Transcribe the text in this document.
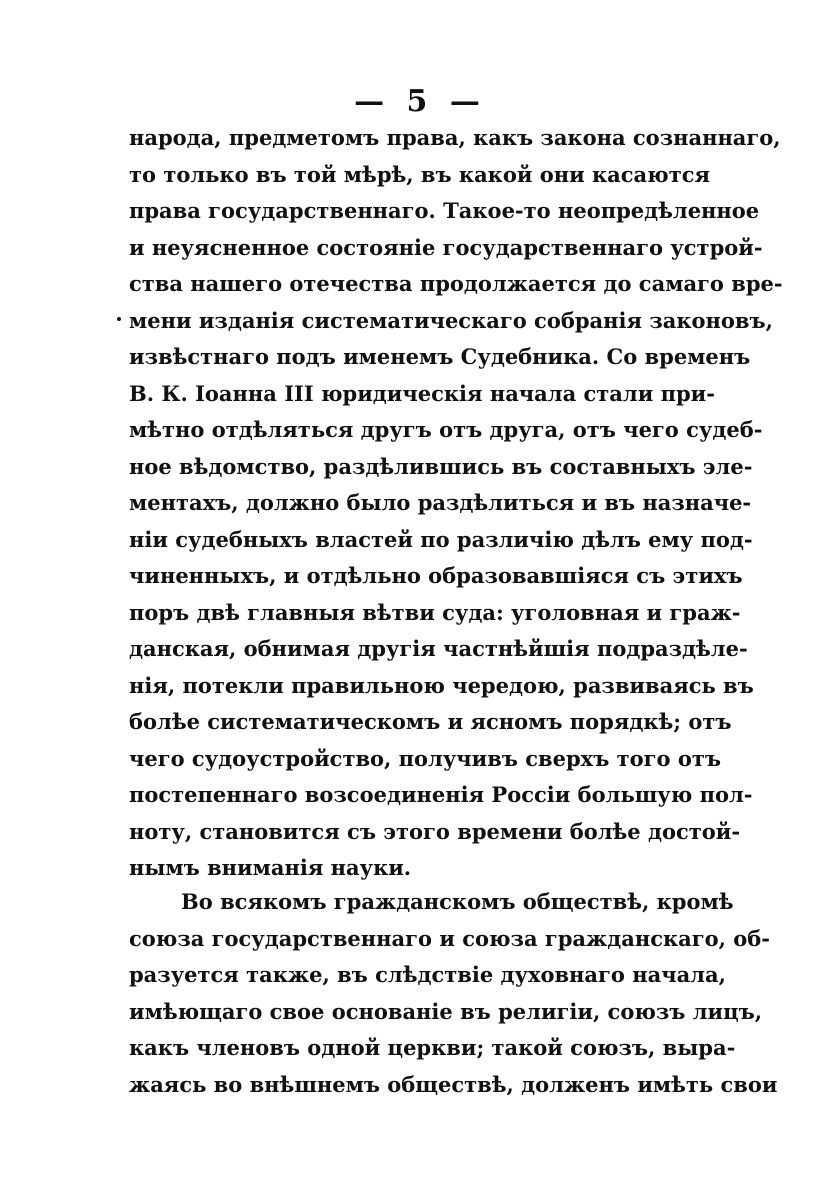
— 5 —
народа, предметомъ права, какъ закона сознаннаго,
то только въ той мѣрѣ, въ какой они касаются
права государственнаго. Такое-то неопредѣленное
и неуясненное состояніе государственнаго устрой-
ства нашего отечества продолжается до самаго вре-
мени изданія систематическаго собранія законовъ,
извѣстнаго подъ именемъ Судебника. Со временъ
В. К. Іоанна III юридическія начала стали при-
мѣтно отдѣляться другъ отъ друга, отъ чего судеб-
ное вѣдомство, раздѣлившись въ составныхъ эле-
ментахъ, должно было раздѣлиться и въ назначе-
ніи судебныхъ властей по различію дѣлъ ему под-
чиненныхъ, и отдѣльно образовавшіяся съ этихъ
поръ двѣ главныя вѣтви суда: уголовная и граж-
данская, обнимая другія частнѣйшія подраздѣле-
нія, потекли правильною чередою, развиваясь въ
болѣе систематическомъ и ясномъ порядкѣ; отъ
чего судоустройство, получивъ сверхъ того отъ
постепеннаго возсоединенія Россіи большую пол-
ноту, становится съ этого времени болѣе достой-
нымъ вниманія науки.
Во всякомъ гражданскомъ обществѣ, кромѣ
союза государственнаго и союза гражданскаго, об-
разуется также, въ слѣдствіе духовнаго начала,
имѣющаго свое основаніе въ религіи, союзъ лицъ,
какъ членовъ одной церкви; такой союзъ, выра-
жаясь во внѣшнемъ обществѣ, долженъ имѣть свои
